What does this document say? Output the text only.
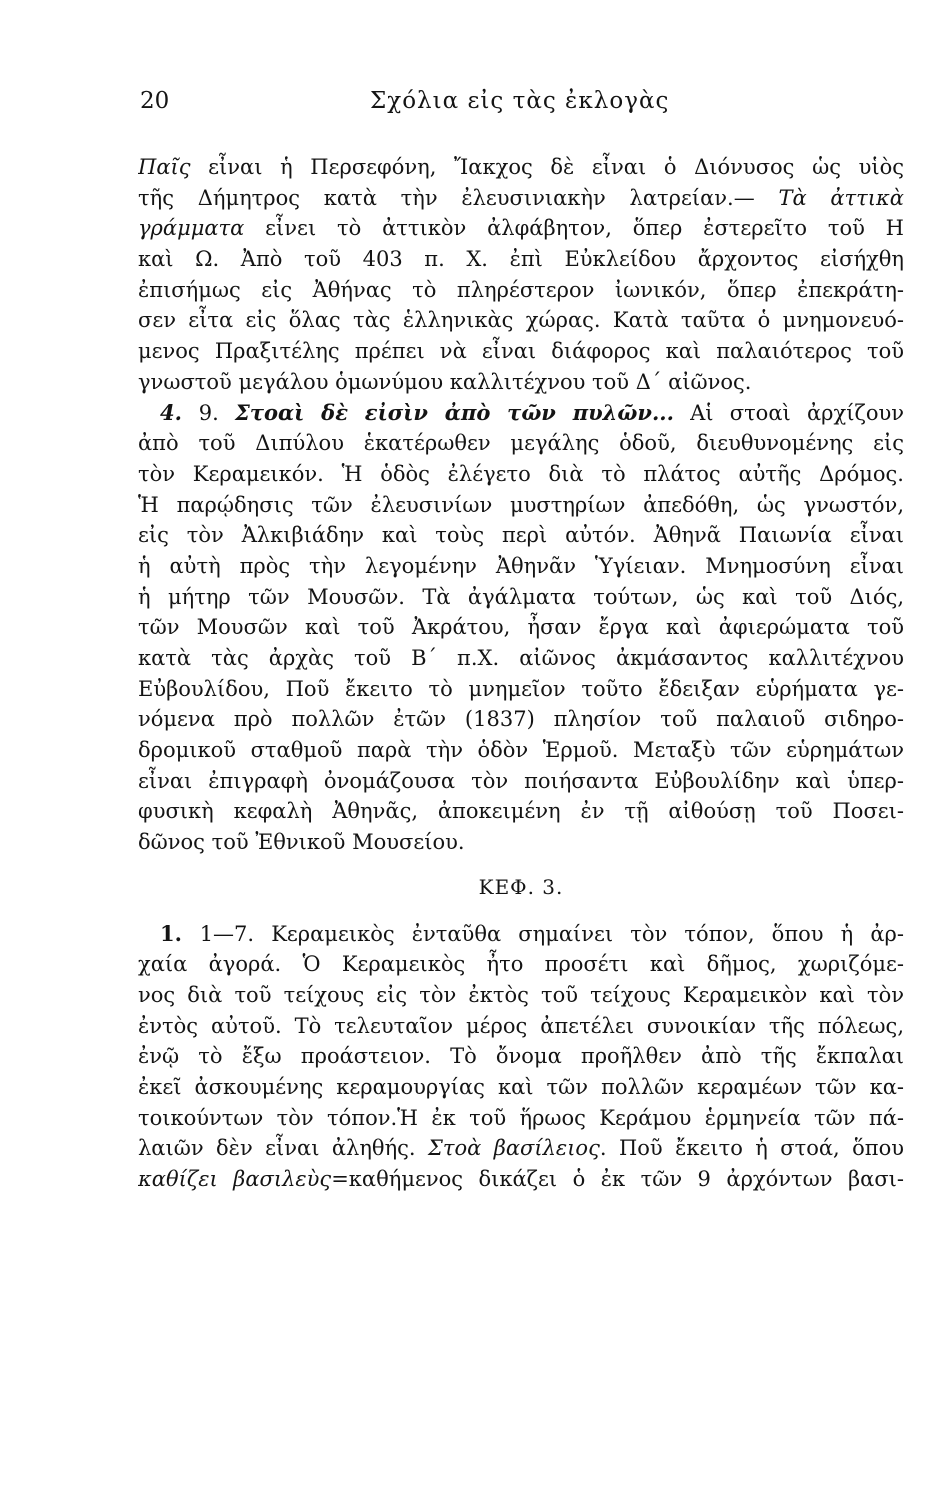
20	Σχόλια εἰς τὰς ἐκλογὰς
Παῖς εἶναι ἡ Περσεφόνη, Ἴακχος δὲ εἶναι ὁ Διόνυσος ὡς υἱὸς
τῆς Δήμητρος κατὰ τὴν ἐλευσινιακὴν λατρείαν.— Τὰ ἀττικὰ
γράμματα εἶνει τὸ ἀττικὸν ἀλφάβητον, ὅπερ ἐστερεῖτο τοῦ Η
καὶ Ω. Ἀπὸ τοῦ 403 π. Χ. ἐπὶ Εὐκλείδου ἄρχοντος εἰσήχθη
ἐπισήμως εἰς Ἀθήνας τὸ πληρέστερον ἰωνικόν, ὅπερ ἐπεκράτη-
σεν εἶτα εἰς ὅλας τὰς ἑλληνικὰς χώρας. Κατὰ ταῦτα ὁ μνημονευό-
μενος Πραξιτέλης πρέπει νὰ εἶναι διάφορος καὶ παλαιότερος τοῦ
γνωστοῦ μεγάλου ὁμωνύμου καλλιτέχνου τοῦ Δ΄ αἰῶνος.
4. 9. Στοαὶ δὲ εἰσὶν ἀπὸ τῶν πυλῶν... Αἱ στοαὶ ἀρχίζουν
ἀπὸ τοῦ Διπύλου ἑκατέρωθεν μεγάλης ὁδοῦ, διευθυνομένης εἰς
τὸν Κεραμεικόν. Ἡ ὁδὸς ἐλέγετο διὰ τὸ πλάτος αὐτῆς Δρόμος.
Ἡ παρῴδησις τῶν ἐλευσινίων μυστηρίων ἀπεδόθη, ὡς γνωστόν,
εἰς τὸν Ἀλκιβιάδην καὶ τοὺς περὶ αὐτόν. Ἀθηνᾶ Παιωνία εἶναι
ἡ αὐτὴ πρὸς τὴν λεγομένην Ἀθηνᾶν Ὑγίειαν. Μνημοσύνη εἶναι
ἡ μήτηρ τῶν Μουσῶν. Τὰ ἀγάλματα τούτων, ὡς καὶ τοῦ Διός,
τῶν Μουσῶν καὶ τοῦ Ἀκράτου, ἦσαν ἔργα καὶ ἀφιερώματα τοῦ
κατὰ τὰς ἀρχὰς τοῦ Β΄ π.Χ. αἰῶνος ἀκμάσαντος καλλιτέχνου
Εὐβουλίδου, Ποῦ ἔκειτο τὸ μνημεῖον τοῦτο ἔδειξαν εὑρήματα γε-
νόμενα πρὸ πολλῶν ἐτῶν (1837) πλησίον τοῦ παλαιοῦ σιδηρο-
δρομικοῦ σταθμοῦ παρὰ τὴν ὁδὸν Ἑρμοῦ. Μεταξὺ τῶν εὑρημάτων
εἶναι ἐπιγραφὴ ὀνομάζουσα τὸν ποιήσαντα Εὐβουλίδην καὶ ὑπερ-
φυσικὴ κεφαλὴ Ἀθηνᾶς, ἀποκειμένη ἐν τῇ αἰθούσῃ τοῦ Ποσει-
δῶνος τοῦ Ἐθνικοῦ Μουσείου.
ΚΕΦ. 3.
1. 1—7. Κεραμεικὸς ἐνταῦθα σημαίνει τὸν τόπον, ὅπου ἡ ἀρ-
χαία ἀγορά. Ὁ Κεραμεικὸς ἦτο προσέτι καὶ δῆμος, χωριζόμε-
νος διὰ τοῦ τείχους εἰς τὸν ἐκτὸς τοῦ τείχους Κεραμεικὸν καὶ τὸν
ἐντὸς αὐτοῦ. Τὸ τελευταῖον μέρος ἀπετέλει συνοικίαν τῆς πόλεως,
ἐνῷ τὸ ἔξω προάστειον. Τὸ ὄνομα προῆλθεν ἀπὸ τῆς ἔκπαλαι
ἐκεῖ ἀσκουμένης κεραμουργίας καὶ τῶν πολλῶν κεραμέων τῶν κα-
τοικούντων τὸν τόπον.Ἡ ἐκ τοῦ ἥρωος Κεράμου ἑρμηνεία τῶν πά-
λαιῶν δὲν εἶναι ἀληθής. Στοὰ βασίλειος. Ποῦ ἔκειτο ἡ στοά, ὅπου
καθίζει βασιλεὺς=καθήμενος δικάζει ὁ ἐκ τῶν 9 ἀρχόντων βασι-
